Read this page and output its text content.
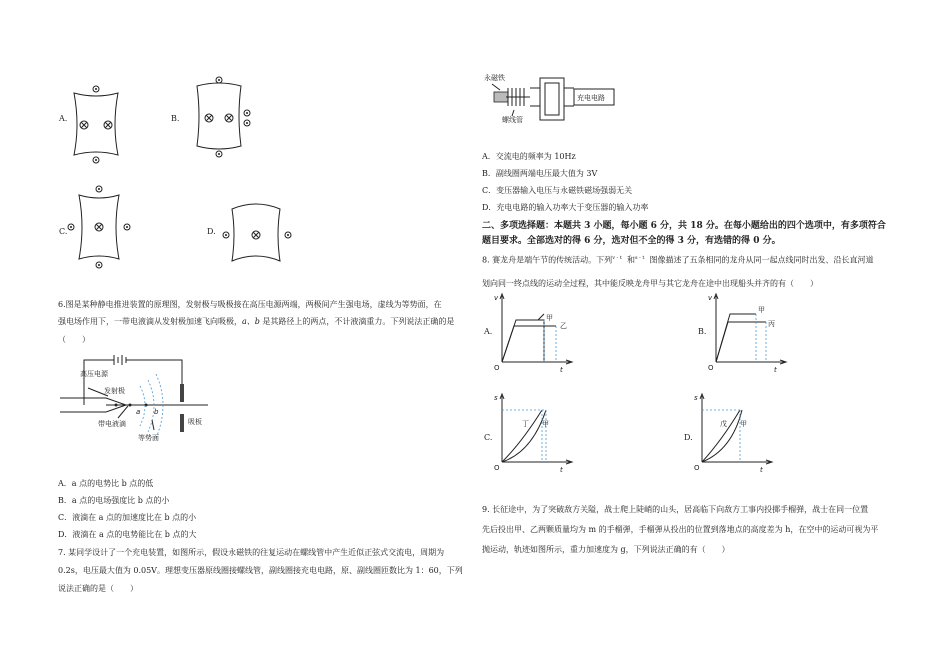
A.	B.
C.	D.
6.图是某种静电推进装置的原理图，发射极与吸极接在高压电源两端，两极间产生强电场，虚线为等势面，在
强电场作用下，一带电液滴从发射极加速飞向吸极，a、b 是其路径上的两点，不计液滴重力。下列说法正确的是
（　　）
高压电源
发射极
a b
带电液滴
等势面
吸板
A．a 点的电势比 b 点的低
B．a 点的电场强度比 b 点的小
C．液滴在 a 点的加速度比在 b 点的小
D．液滴在 a 点的电势能比在 b 点的大
7. 某同学设计了一个充电装置，如图所示，假设永磁铁的往复运动在螺线管中产生近似正弦式交流电，周期为
0.2s，电压最大值为 0.05V。理想变压器原线圈接螺线管，副线圈接充电电路，原、副线圈匝数比为 1：60，下列
说法正确的是（　　）
永磁铁
螺线管
充电电路
A．交流电的频率为 10Hz
B．副线圈两端电压最大值为 3V
C．变压器输入电压与永磁铁磁场强弱无关
D．充电电路的输入功率大于变压器的输入功率
二、多项选择题：本题共 3 小题，每小题 6 分，共 18 分。在每小题给出的四个选项中，有多项符合
题目要求。全部选对的得 6 分，选对但不全的得 3 分，有选错的得 0 分。
8. 赛龙舟是端午节的传统活动。下列$^{v - t}$ 和$^{s - t}$ 图像描述了五条相同的龙舟从同一起点线同时出发、沿长直河道
划向同一终点线的运动全过程，其中能反映龙舟甲与其它龙舟在途中出现船头并齐的有（　　）
A.
v
t
O
甲
乙
B.
v
t
O
甲
丙
C.
s
t
O
甲
丁
D.
s
t
O
甲
戊
9. 长征途中，为了突破敌方关隘，战士爬上陡峭的山头，居高临下向敌方工事内投掷手榴弹，战士在同一位置
先后投出甲、乙两颗质量均为 m 的手榴弹，手榴弹从投出的位置到落地点的高度差为 h，在空中的运动可视为平
抛运动，轨迹如图所示，重力加速度为 g，下列说法正确的有（　　）
